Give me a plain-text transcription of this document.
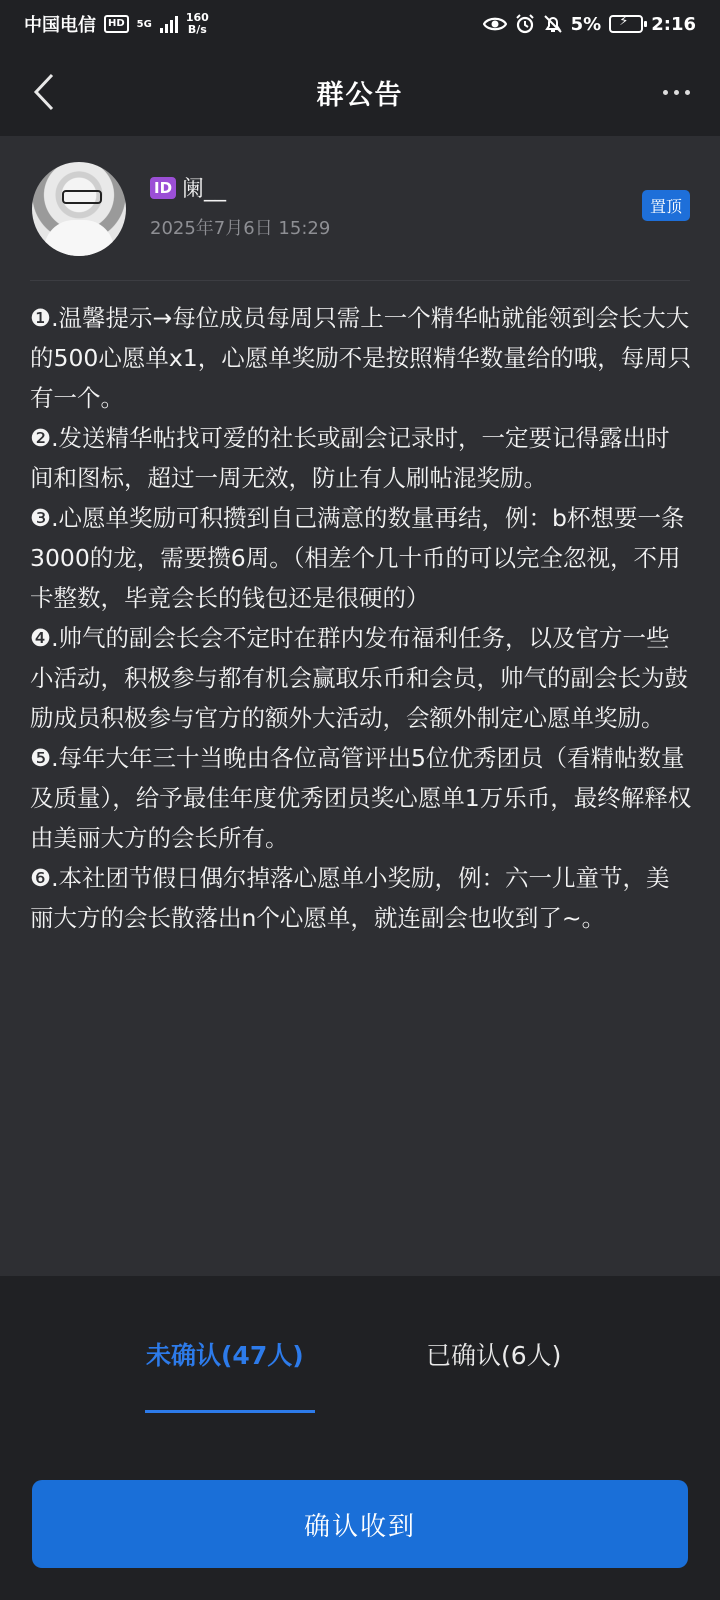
中国电信	HD	5G	160
B/s	5%
⚡	2:16
群公告
ID 阑__
2025年7月6日 15:29
置顶

❶.温馨提示→每位成员每周只需上一个精华帖就能领到会长大大的500心愿单x1，心愿单奖励不是按照精华数量给的哦，每周只有一个。

❷.发送精华帖找可爱的社长或副会记录时，一定要记得露出时间和图标，超过一周无效，防止有人刷帖混奖励。

❸.心愿单奖励可积攒到自己满意的数量再结，例：b杯想要一条3000的龙，需要攒6周。（相差个几十币的可以完全忽视，不用卡整数，毕竟会长的钱包还是很硬的）

❹.帅气的副会长会不定时在群内发布福利任务，以及官方一些小活动，积极参与都有机会赢取乐币和会员，帅气的副会长为鼓励成员积极参与官方的额外大活动，会额外制定心愿单奖励。

❺.每年大年三十当晚由各位高管评出5位优秀团员（看精帖数量及质量），给予最佳年度优秀团员奖心愿单1万乐币，最终解释权由美丽大方的会长所有。

❻.本社团节假日偶尔掉落心愿单小奖励，例：六一儿童节，美丽大方的会长散落出n个心愿单，就连副会也收到了~。

未确认(47人)	已确认(6人)
确认收到
